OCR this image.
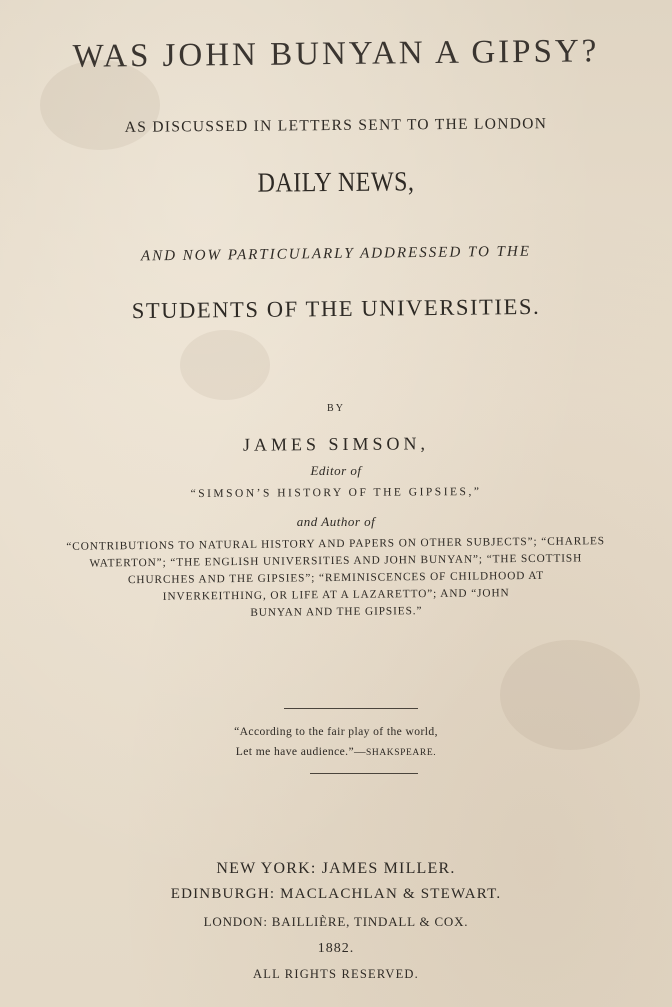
WAS JOHN BUNYAN A GIPSY?
AS DISCUSSED IN LETTERS SENT TO THE LONDON
DAILY NEWS,
AND NOW PARTICULARLY ADDRESSED TO THE
STUDENTS OF THE UNIVERSITIES.
BY
JAMES SIMSON,
Editor of
“SIMSON’S HISTORY OF THE GIPSIES,”
and Author of
“CONTRIBUTIONS TO NATURAL HISTORY AND PAPERS ON OTHER SUBJECTS”; “CHARLES
WATERTON”; “THE ENGLISH UNIVERSITIES AND JOHN BUNYAN”; “THE SCOTTISH
CHURCHES AND THE GIPSIES”; “REMINISCENCES OF CHILDHOOD AT
INVERKEITHING, OR LIFE AT A LAZARETTO”; AND “JOHN
BUNYAN AND THE GIPSIES.”
“According to the fair play of the world,
Let me have audience.”—SHAKSPEARE.
NEW YORK: JAMES MILLER.
EDINBURGH: MACLACHLAN & STEWART.
LONDON: BAILLIÈRE, TINDALL & COX.
1882.
ALL RIGHTS RESERVED.
